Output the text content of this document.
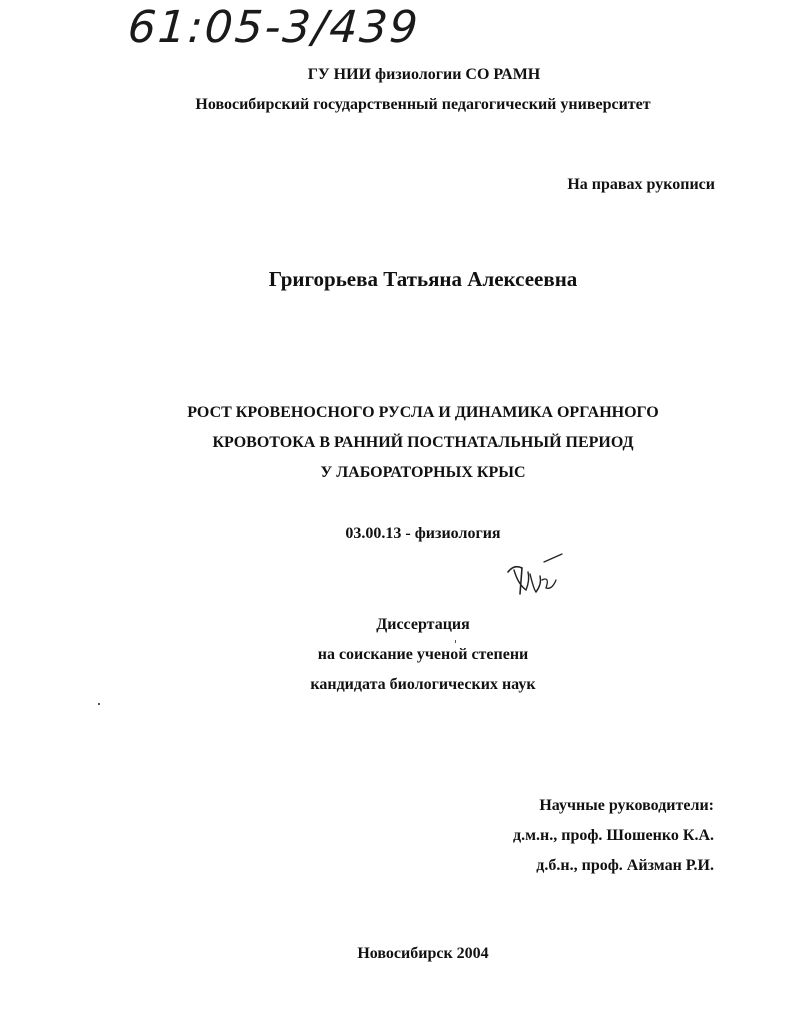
61:05-3/439
ГУ НИИ физиологии СО РАМН
Новосибирский государственный педагогический университет
На правах рукописи
Григорьева Татьяна Алексеевна
РОСТ КРОВЕНОСНОГО РУСЛА И ДИНАМИКА ОРГАННОГО
КРОВОТОКА В РАННИЙ ПОСТНАТАЛЬНЫЙ ПЕРИОД
У ЛАБОРАТОРНЫХ КРЫС
03.00.13 - физиология
Диссертация
на соискание ученой степени
кандидата биологических наук
Научные руководители:
д.м.н., проф. Шошенко К.А.
д.б.н., проф. Айзман Р.И.
Новосибирск 2004
